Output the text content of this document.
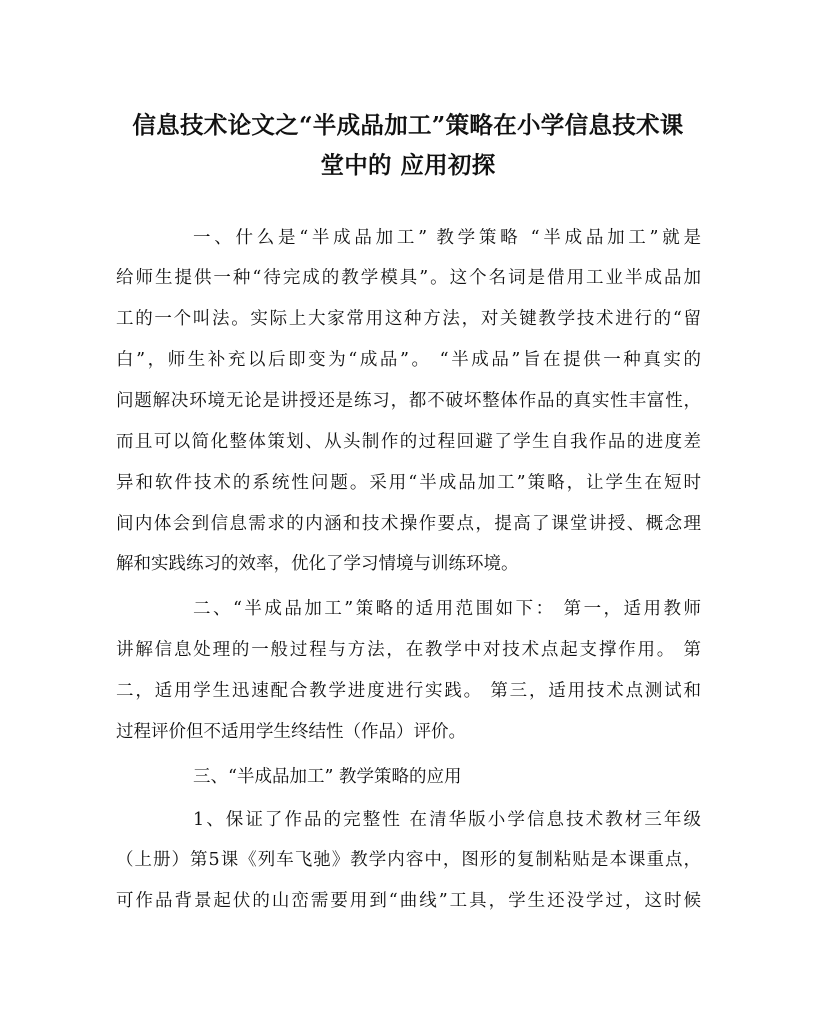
信息技术论文之“半成品加工”策略在小学信息技术课
堂中的 应用初探
一、什么是“半成品加工” 教学策略 “半成品加工”就是
给师生提供一种“待完成的教学模具”。这个名词是借用工业半成品加
工的一个叫法。实际上大家常用这种方法，对关键教学技术进行的“留
白”，师生补充以后即变为“成品”。 “半成品”旨在提供一种真实的
问题解决环境无论是讲授还是练习，都不破坏整体作品的真实性丰富性，
而且可以简化整体策划、从头制作的过程回避了学生自我作品的进度差
异和软件技术的系统性问题。采用“半成品加工”策略，让学生在短时
间内体会到信息需求的内涵和技术操作要点，提高了课堂讲授、概念理
解和实践练习的效率，优化了学习情境与训练环境。
二、“半成品加工”策略的适用范围如下： 第一，适用教师
讲解信息处理的一般过程与方法，在教学中对技术点起支撑作用。 第
二，适用学生迅速配合教学进度进行实践。 第三，适用技术点测试和
过程评价但不适用学生终结性（作品）评价。
三、“半成品加工” 教学策略的应用
1、保证了作品的完整性 在清华版小学信息技术教材三年级
（上册）第5课《列车飞驰》教学内容中，图形的复制粘贴是本课重点，
可作品背景起伏的山峦需要用到“曲线”工具，学生还没学过，这时候
